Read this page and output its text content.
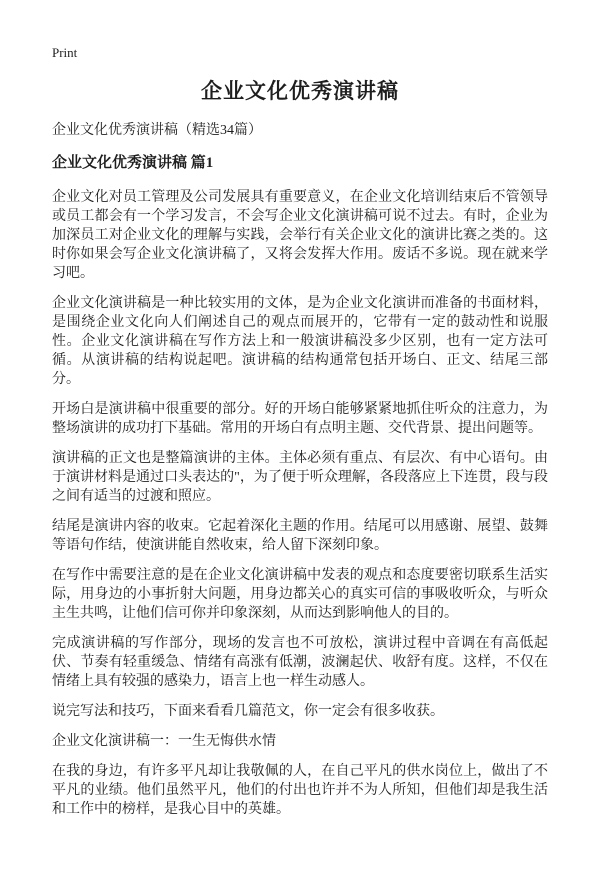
Print
企业文化优秀演讲稿

企业文化优秀演讲稿（精选34篇）

企业文化优秀演讲稿 篇1

企业文化对员工管理及公司发展具有重要意义，在企业文化培训结束后不管领导或员工都会有一个学习发言，不会写企业文化演讲稿可说不过去。有时，企业为加深员工对企业文化的理解与实践，会举行有关企业文化的演讲比赛之类的。这时你如果会写企业文化演讲稿了，又将会发挥大作用。废话不多说。现在就来学习吧。

企业文化演讲稿是一种比较实用的文体，是为企业文化演讲而准备的书面材料，是围绕企业文化向人们阐述自己的观点而展开的，它带有一定的鼓动性和说服性。企业文化演讲稿在写作方法上和一般演讲稿没多少区别，也有一定方法可循。从演讲稿的结构说起吧。演讲稿的结构通常包括开场白、正文、结尾三部分。

开场白是演讲稿中很重要的部分。好的开场白能够紧紧地抓住听众的注意力，为整场演讲的成功打下基础。常用的开场白有点明主题、交代背景、提出问题等。

演讲稿的正文也是整篇演讲的主体。主体必须有重点、有层次、有中心语句。由于演讲材料是通过口头表达的"，为了便于听众理解，各段落应上下连贯，段与段之间有适当的过渡和照应。

结尾是演讲内容的收束。它起着深化主题的作用。结尾可以用感谢、展望、鼓舞等语句作结，使演讲能自然收束，给人留下深刻印象。

在写作中需要注意的是在企业文化演讲稿中发表的观点和态度要密切联系生活实际，用身边的小事折射大问题，用身边都关心的真实可信的事吸收听众，与听众主生共鸣，让他们信可你并印象深刻，从而达到影响他人的目的。

完成演讲稿的写作部分，现场的发言也不可放松，演讲过程中音调在有高低起伏、节奏有轻重缓急、情绪有高涨有低潮，波澜起伏、收舒有度。这样，不仅在情绪上具有较强的感染力，语言上也一样生动感人。

说完写法和技巧，下面来看看几篇范文，你一定会有很多收获。

企业文化演讲稿一：一生无悔供水情

在我的身边，有许多平凡却让我敬佩的人，在自己平凡的供水岗位上，做出了不平凡的业绩。他们虽然平凡，他们的付出也许并不为人所知，但他们却是我生活和工作中的榜样，是我心目中的英雄。
